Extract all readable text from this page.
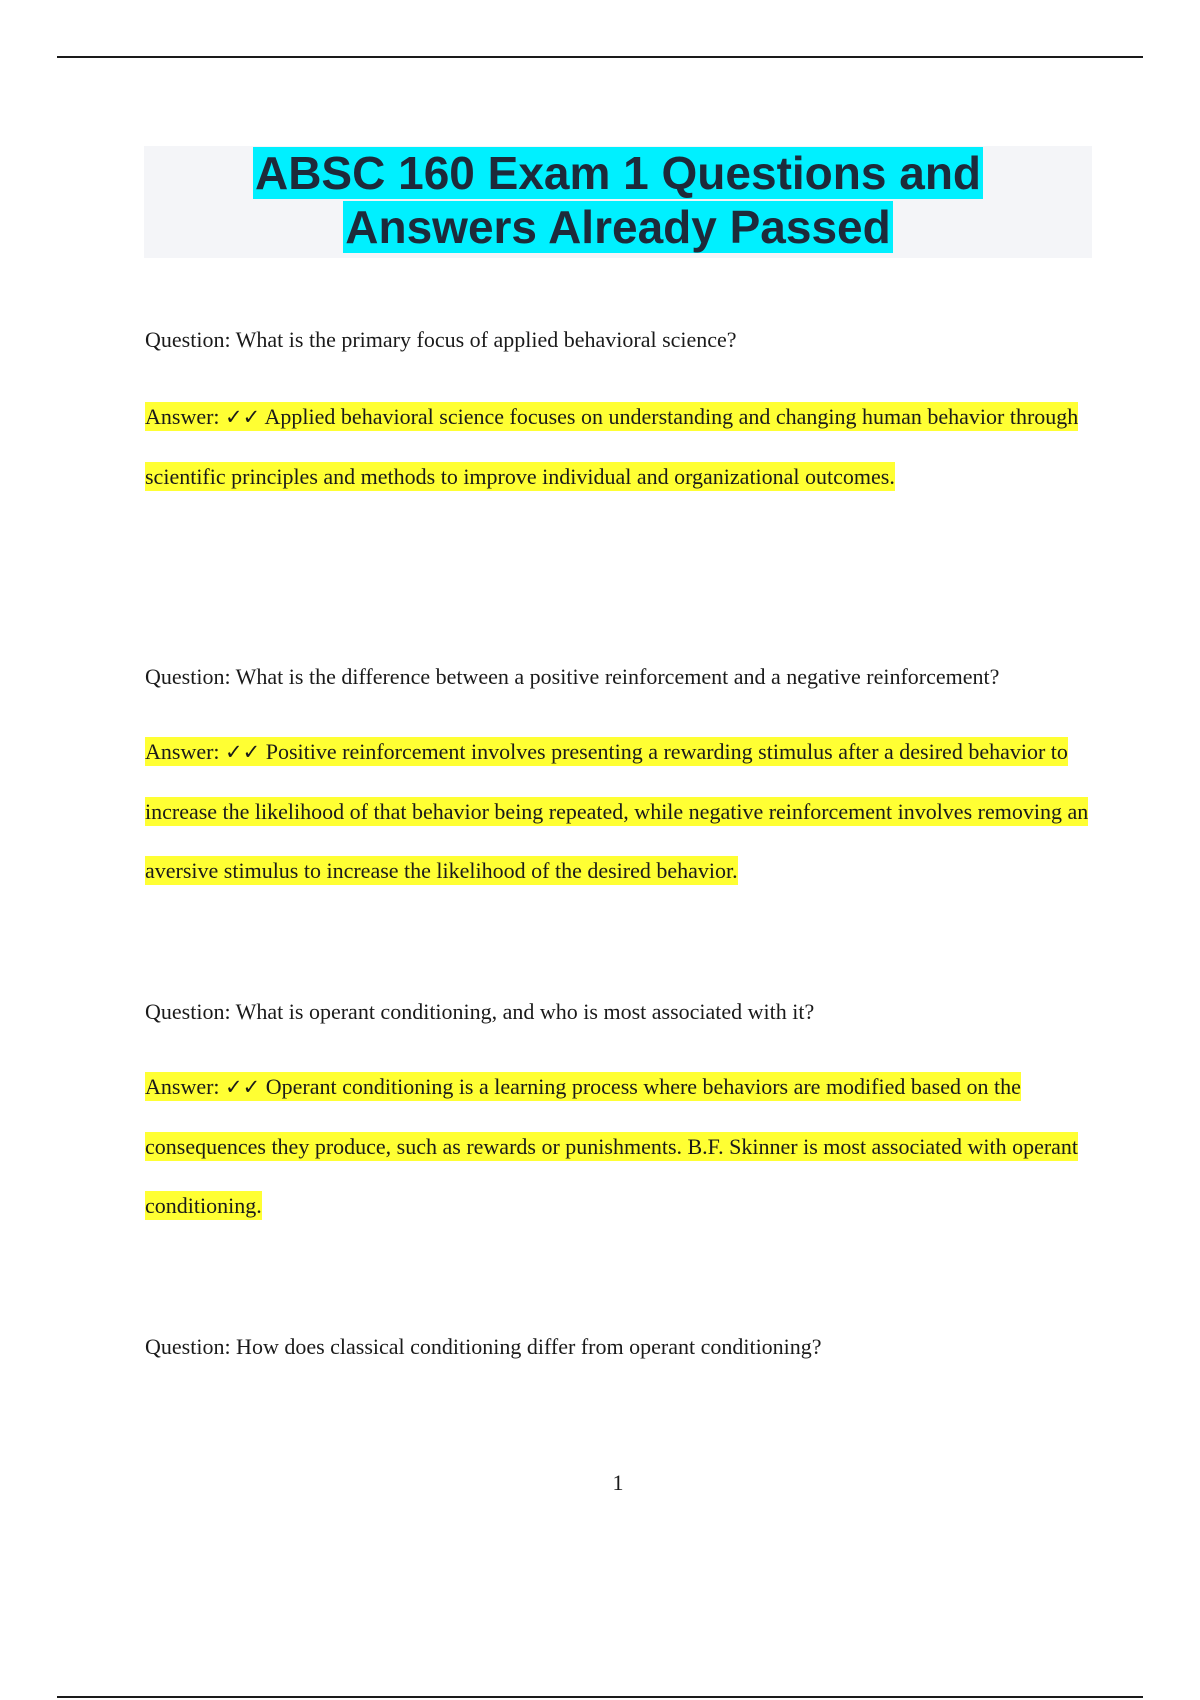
ABSC 160 Exam 1 Questions and
Answers Already Passed

Question: What is the primary focus of applied behavioral science?

Answer: ✓✓ Applied behavioral science focuses on understanding and changing human behavior through scientific principles and methods to improve individual and organizational outcomes.

Question: What is the difference between a positive reinforcement and a negative reinforcement?

Answer: ✓✓ Positive reinforcement involves presenting a rewarding stimulus after a desired behavior to increase the likelihood of that behavior being repeated, while negative reinforcement involves removing an aversive stimulus to increase the likelihood of the desired behavior.

Question: What is operant conditioning, and who is most associated with it?

Answer: ✓✓ Operant conditioning is a learning process where behaviors are modified based on the consequences they produce, such as rewards or punishments. B.F. Skinner is most associated with operant conditioning.

Question: How does classical conditioning differ from operant conditioning?

1
